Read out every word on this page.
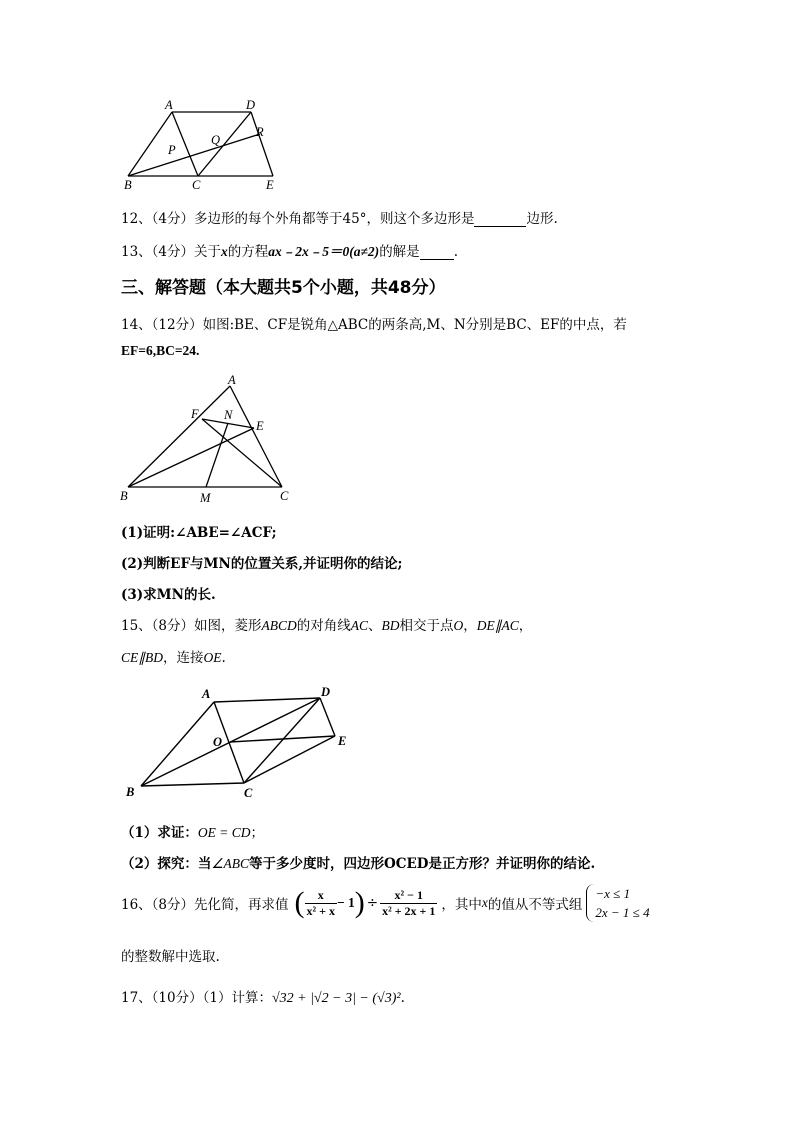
A	D
R
Q
P
B	C	E
12、（4分）多边形的每个外角都等于45°，则这个多边形是	边形.
13、（4分）关于x的方程ax﹣2x﹣5＝0(a≠2)的解是	.
三、解答题（本大题共5个小题，共48分）
14、（12分）如图:BE、CF是锐角△ABC的两条高,M、N分别是BC、EF的中点，若
EF=6,BC=24.
A
F N
E
B	M	C
(1)证明:∠ABE=∠ACF;
(2)判断EF与MN的位置关系,并证明你的结论;
(3)求MN的长.
15、（8分）如图，菱形ABCD的对角线AC、BD相交于点O，DE∥AC，
CE∥BD，连接OE.
A	D
O	E
B	C
（1）求证：OE = CD；
（2）探究：当∠ABC等于多少度时，四边形OCED是正方形？并证明你的结论.
16、（8分）先化简，再求值 ( $\frac{x}{\text{x² + x}} - 1$ ) ÷ $\frac{\text{x² − 1}}{\text{x² + 2x + 1}}$ ，其中 x 的值从不等式组
−x ≤ 1
2x − 1 ≤ 4
的整数解中选取.
17、（10分）（1）计算：√32 + |√2 − 3| − (√3)².
